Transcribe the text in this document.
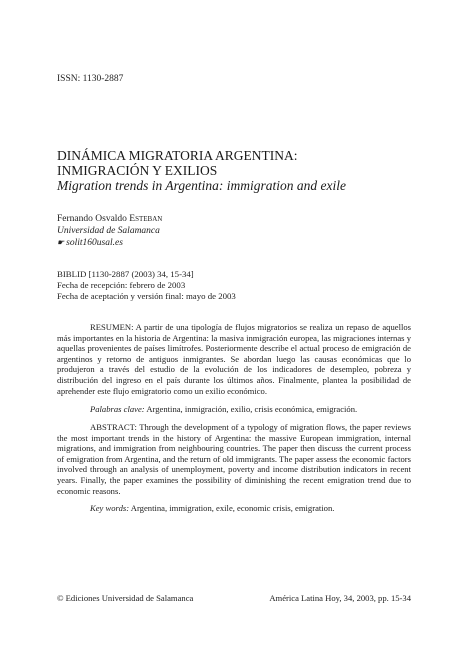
ISSN: 1130-2887
DINÁMICA MIGRATORIA ARGENTINA:
INMIGRACIÓN Y EXILIOS
Migration trends in Argentina: immigration and exile
Fernando Osvaldo Esteban
Universidad de Salamanca
☛ solit160usal.es
BIBLID [1130-2887 (2003) 34, 15-34]
Fecha de recepción: febrero de 2003
Fecha de aceptación y versión final: mayo de 2003
RESUMEN: A partir de una tipología de flujos migratorios se realiza un repaso de aquellos más importantes en la historia de Argentina: la masiva inmigración europea, las migraciones internas y aquellas provenientes de países limítrofes. Posteriormente describe el actual proceso de emigración de argentinos y retorno de antiguos inmigrantes. Se abordan luego las causas económicas que lo produjeron a través del estudio de la evolución de los indicadores de desempleo, pobreza y distribución del ingreso en el país durante los últimos años. Finalmente, plantea la posibilidad de aprehender este flujo emigratorio como un exilio económico.
Palabras clave: Argentina, inmigración, exilio, crisis económica, emigración.
ABSTRACT: Through the development of a typology of migration flows, the paper reviews the most important trends in the history of Argentina: the massive European immigration, internal migrations, and immigration from neighbouring countries. The paper then discuss the current process of emigration from Argentina, and the return of old immigrants. The paper assess the economic factors involved through an analysis of unemployment, poverty and income distribution indicators in recent years. Finally, the paper examines the possibility of diminishing the recent emigration trend due to economic reasons.
Key words: Argentina, immigration, exile, economic crisis, emigration.
© Ediciones Universidad de Salamanca	América Latina Hoy, 34, 2003, pp. 15-34
